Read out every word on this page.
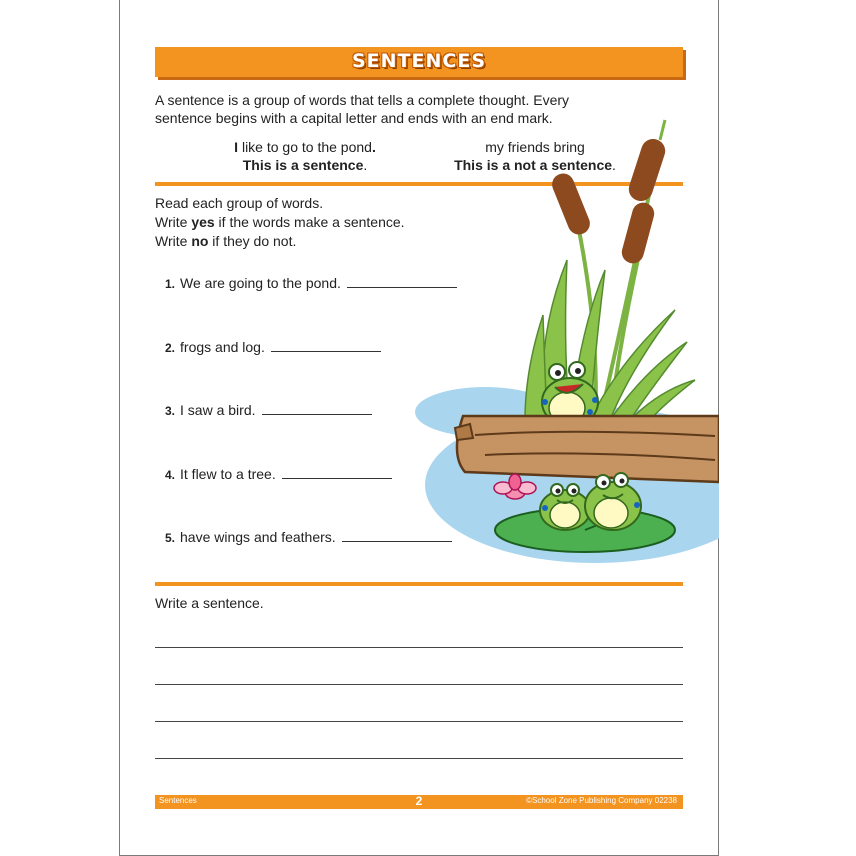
SENTENCES
A sentence is a group of words that tells a complete thought. Every
sentence begins with a capital letter and ends with an end mark.
I like to go to the pond.
This is a sentence.
my friends bring
This is a not a sentence.
Read each group of words.
Write yes if the words make a sentence.
Write no if they do not.
1. We are going to the pond.
2. frogs and log.
3. I saw a bird.
4. It flew to a tree.
5. have wings and feathers.
Write a sentence.
Sentences	2	©School Zone Publishing Company 02238
